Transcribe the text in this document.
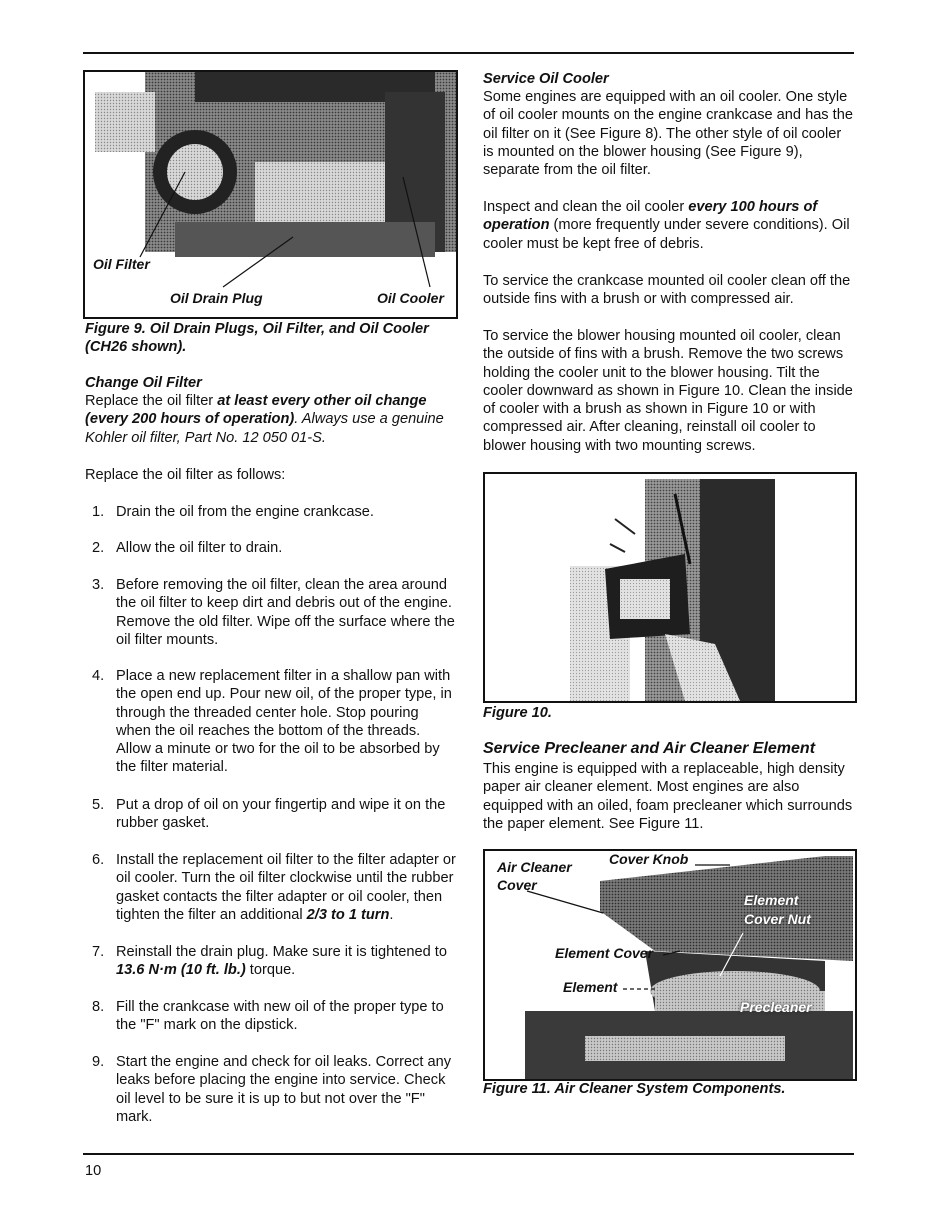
Oil Filter
Oil Drain Plug	Oil Cooler

Figure 9. Oil Drain Plugs, Oil Filter, and Oil Cooler (CH26 shown).

Change Oil Filter

Replace the oil filter at least every other oil change (every 200 hours of operation). Always use a genuine Kohler oil filter, Part No. 12 050 01-S.

Replace the oil filter as follows:

1. Drain the oil from the engine crankcase.
2. Allow the oil filter to drain.
3. Before removing the oil filter, clean the area around the oil filter to keep dirt and debris out of the engine. Remove the old filter. Wipe off the surface where the oil filter mounts.
4. Place a new replacement filter in a shallow pan with the open end up. Pour new oil, of the proper type, in through the threaded center hole. Stop pouring when the oil reaches the bottom of the threads. Allow a minute or two for the oil to be absorbed by the filter material.
5. Put a drop of oil on your fingertip and wipe it on the rubber gasket.
6. Install the replacement oil filter to the filter adapter or oil cooler. Turn the oil filter clockwise until the rubber gasket contacts the filter adapter or oil cooler, then tighten the filter an additional 2/3 to 1 turn.
7. Reinstall the drain plug. Make sure it is tightened to 13.6 N·m (10 ft. lb.) torque.
8. Fill the crankcase with new oil of the proper type to the "F" mark on the dipstick.
9. Start the engine and check for oil leaks. Correct any leaks before placing the engine into service. Check oil level to be sure it is up to but not over the "F" mark.

Service Oil Cooler

Some engines are equipped with an oil cooler. One style of oil cooler mounts on the engine crankcase and has the oil filter on it (See Figure 8). The other style of oil cooler is mounted on the blower housing (See Figure 9), separate from the oil filter.

Inspect and clean the oil cooler every 100 hours of operation (more frequently under severe conditions). Oil cooler must be kept free of debris.

To service the crankcase mounted oil cooler clean off the outside fins with a brush or with compressed air.

To service the blower housing mounted oil cooler, clean the outside of fins with a brush. Remove the two screws holding the cooler unit to the blower housing. Tilt the cooler downward as shown in Figure 10. Clean the inside of cooler with a brush as shown in Figure 10 or with compressed air. After cleaning, reinstall oil cooler to blower housing with two mounting screws.

Figure 10.

Service Precleaner and Air Cleaner Element

This engine is equipped with a replaceable, high density paper air cleaner element. Most engines are also equipped with an oiled, foam precleaner which surrounds the paper element. See Figure 11.

Figure 11. Air Cleaner System Components.

Air Cleaner
Cover
Cover Knob
Element
Cover Nut
Element Cover
Element
Precleaner
10
